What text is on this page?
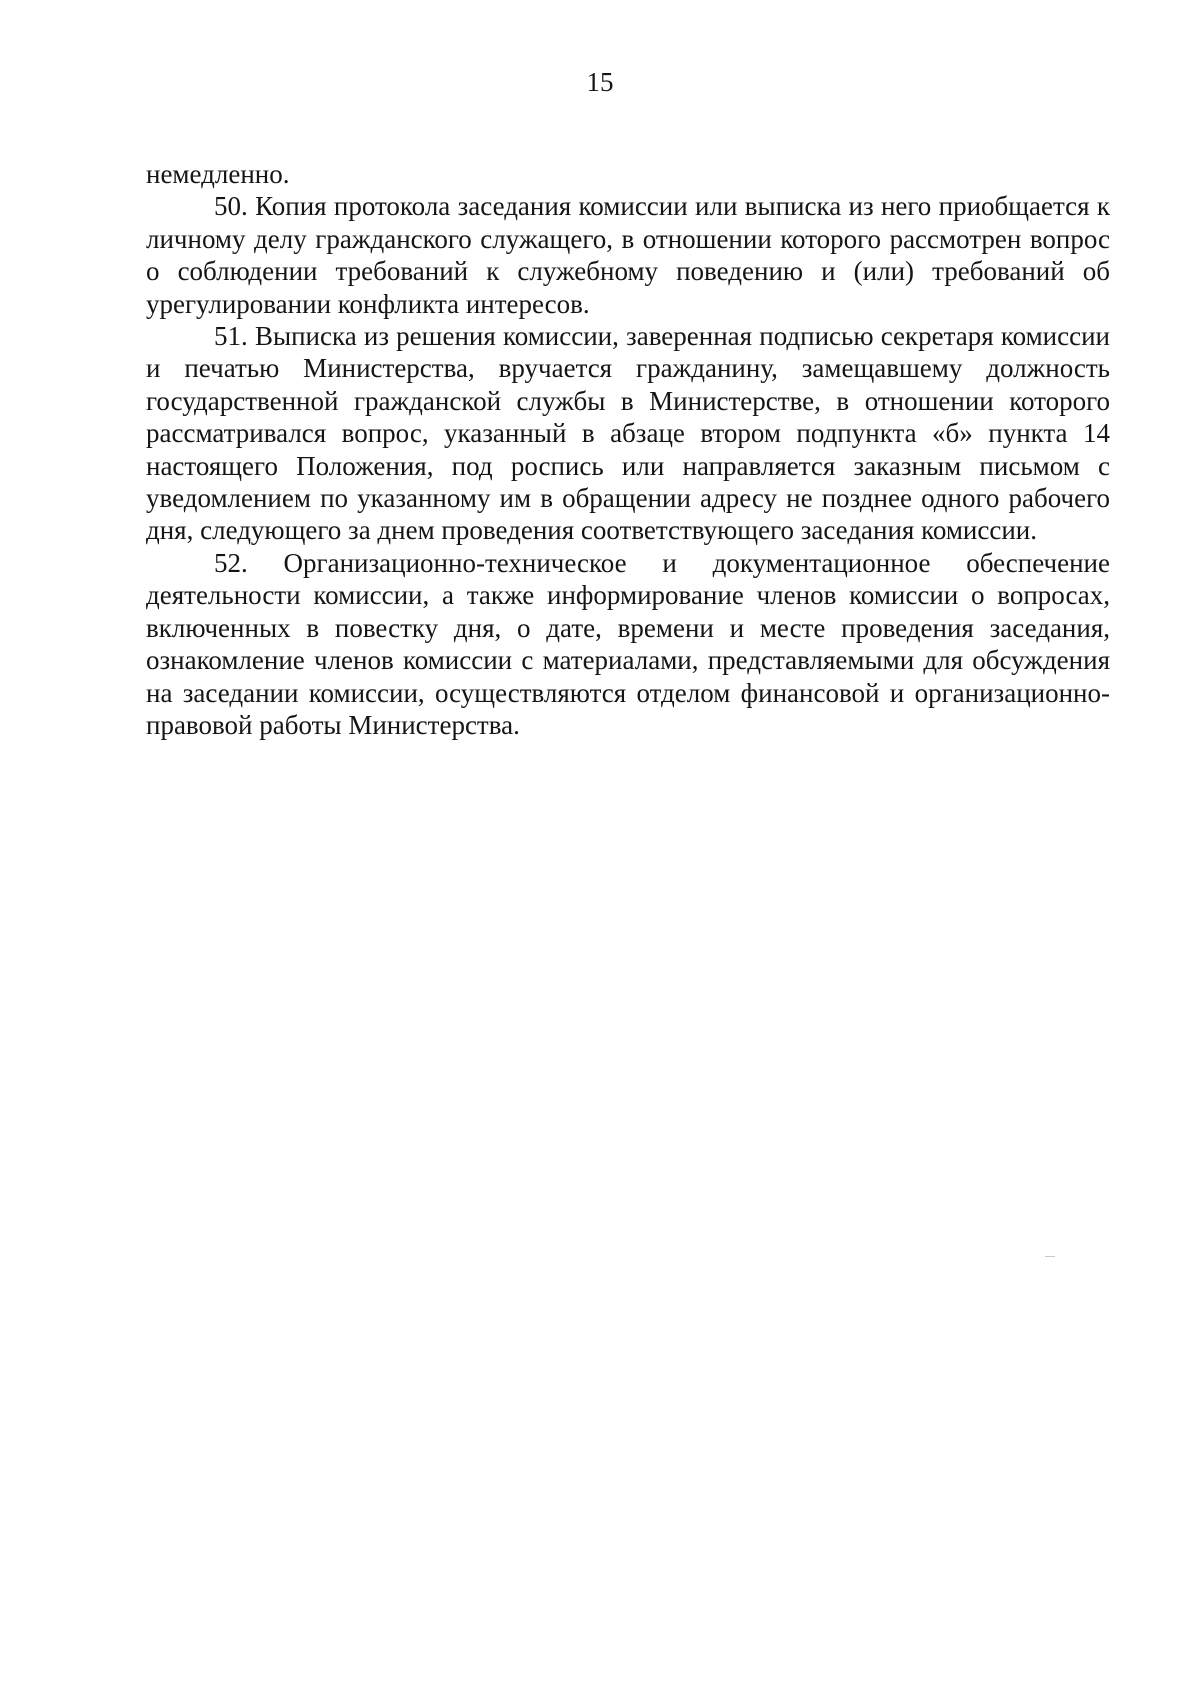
15

немедленно.

50. Копия протокола заседания комиссии или выписка из него приобщается к личному делу гражданского служащего, в отношении которого рассмотрен вопрос о соблюдении требований к служебному поведению и (или) требований об урегулировании конфликта интересов.

51. Выписка из решения комиссии, заверенная подписью секретаря комиссии и печатью Министерства, вручается гражданину, замещавшему должность государственной гражданской службы в Министерстве, в отношении которого рассматривался вопрос, указанный в абзаце втором подпункта «б» пункта 14 настоящего Положения, под роспись или направляется заказным письмом с уведомлением по указанному им в обращении адресу не позднее одного рабочего дня, следующего за днем проведения соответствующего заседания комиссии.

52. Организационно-техническое и документационное обеспечение деятельности комиссии, а также информирование членов комиссии о вопросах, включенных в повестку дня, о дате, времени и месте проведения заседания, ознакомление членов комиссии с материалами, представляемыми для обсуждения на заседании комиссии, осуществляются отделом финансовой и организационно-правовой работы Министерства.
